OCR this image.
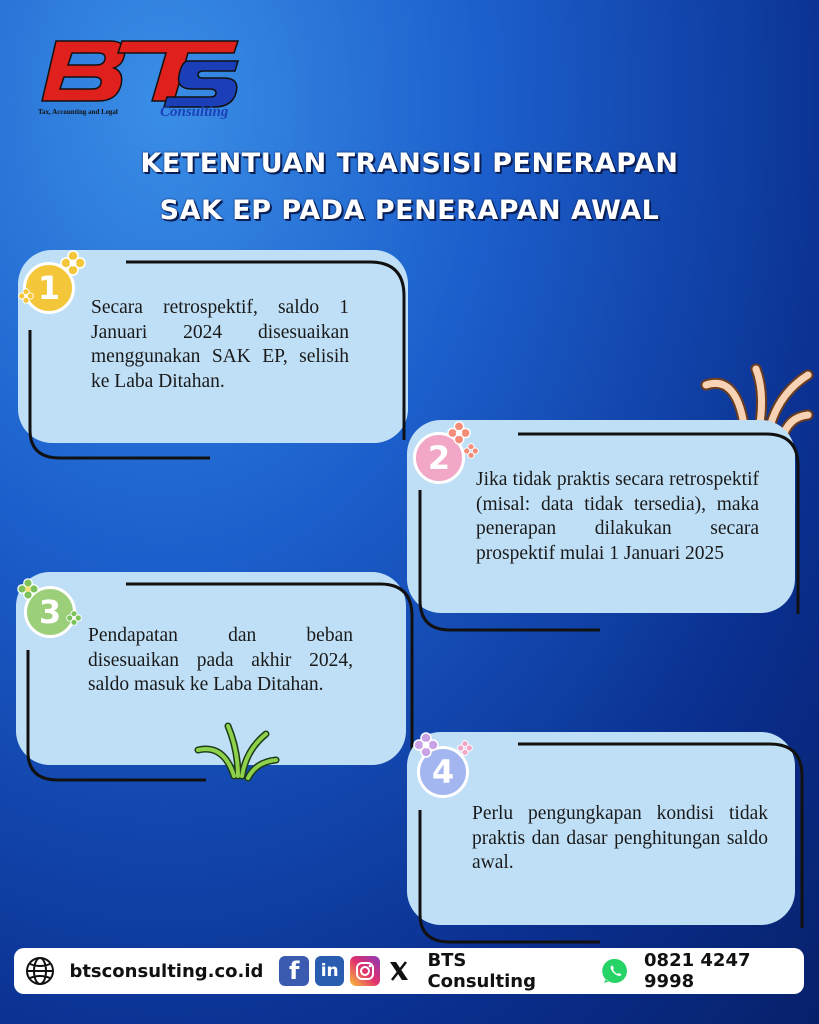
Tax, Accounting and Legal	Consulting
KETENTUAN TRANSISI PENERAPAN
SAK EP PADA PENERAPAN AWAL
1
Secara retrospektif, saldo 1 Januari 2024 disesuaikan menggunakan SAK EP, selisih ke Laba Ditahan.
2
Jika tidak praktis secara retrospektif (misal: data tidak tersedia), maka penerapan dilakukan secara prospektif mulai 1 Januari 2025
3
Pendapatan dan beban disesuaikan pada akhir 2024, saldo masuk ke Laba Ditahan.
4
Perlu pengungkapan kondisi tidak praktis dan dasar penghitungan saldo awal.
btsconsulting.co.id	f	in	BTS Consulting
0821 4247 9998
